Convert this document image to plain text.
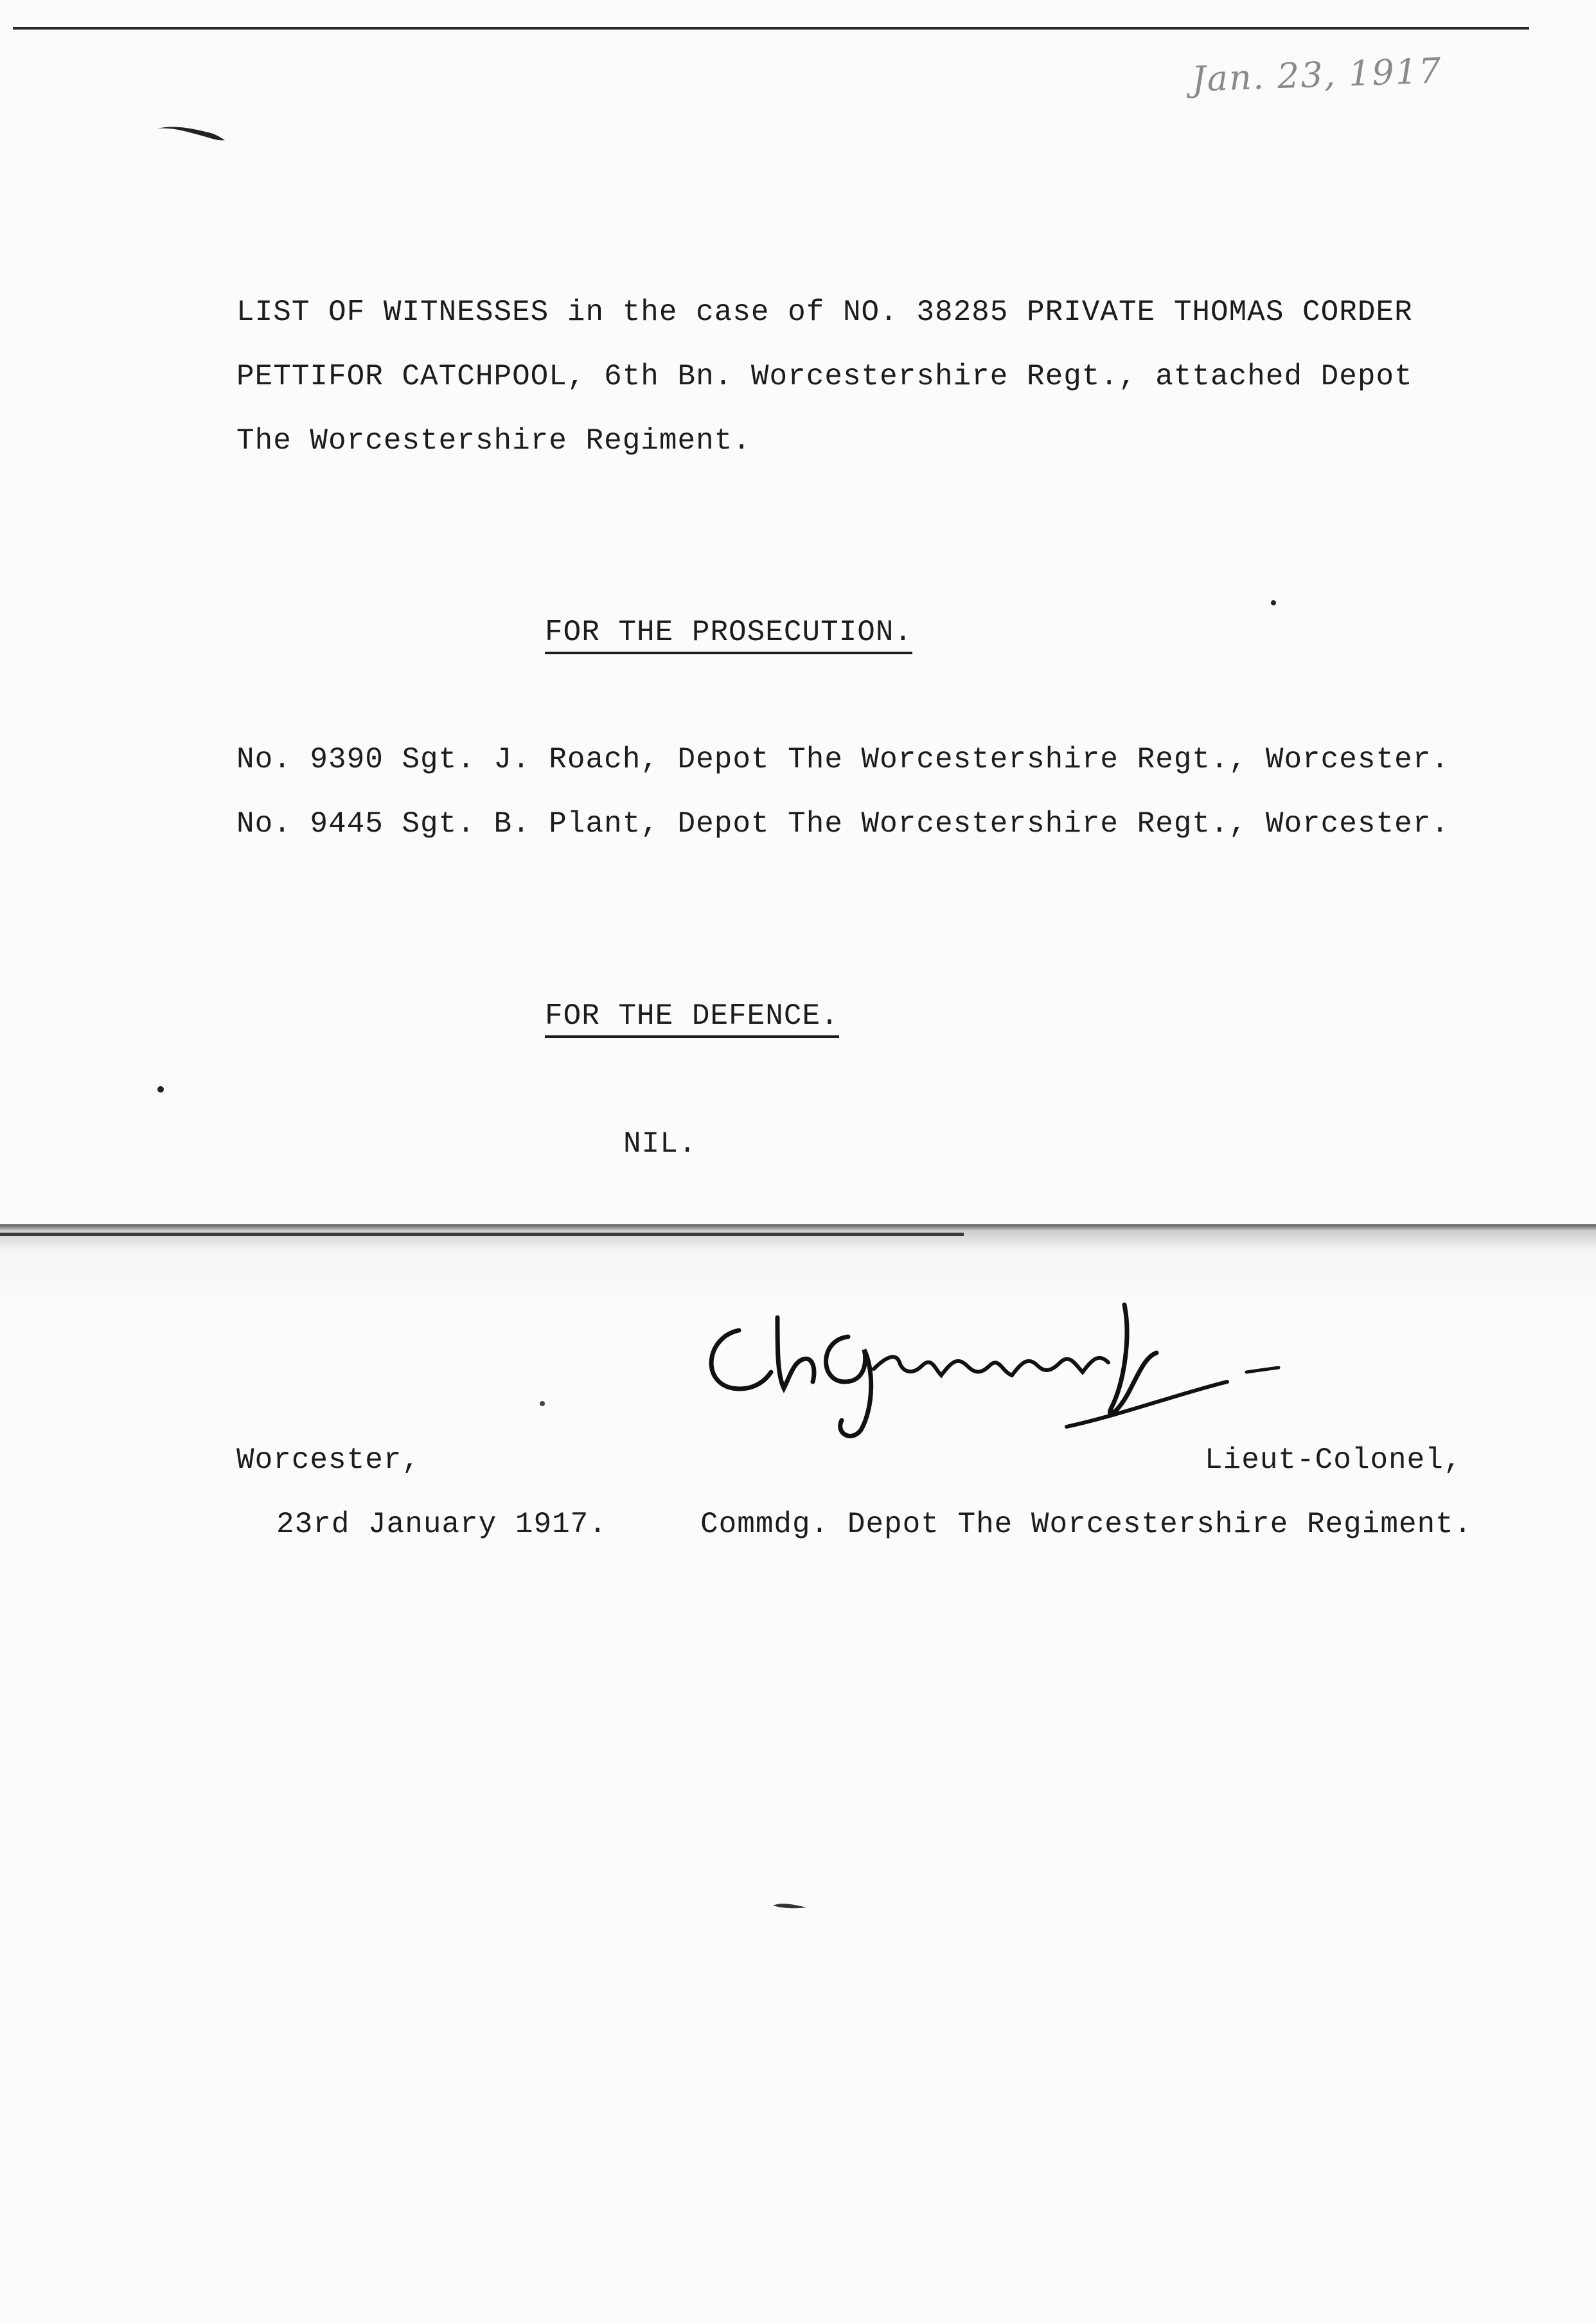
Jan. 23, 1917
LIST OF WITNESSES in the case of NO. 38285 PRIVATE THOMAS CORDER
PETTIFOR CATCHPOOL, 6th Bn. Worcestershire Regt., attached Depot
The Worcestershire Regiment.
FOR THE PROSECUTION.
No. 9390 Sgt. J. Roach, Depot The Worcestershire Regt., Worcester.
No. 9445 Sgt. B. Plant, Depot The Worcestershire Regt., Worcester.
FOR THE DEFENCE.
NIL.
Worcester,
23rd January 1917.
Lieut-Colonel,
Commdg. Depot The Worcestershire Regiment.
